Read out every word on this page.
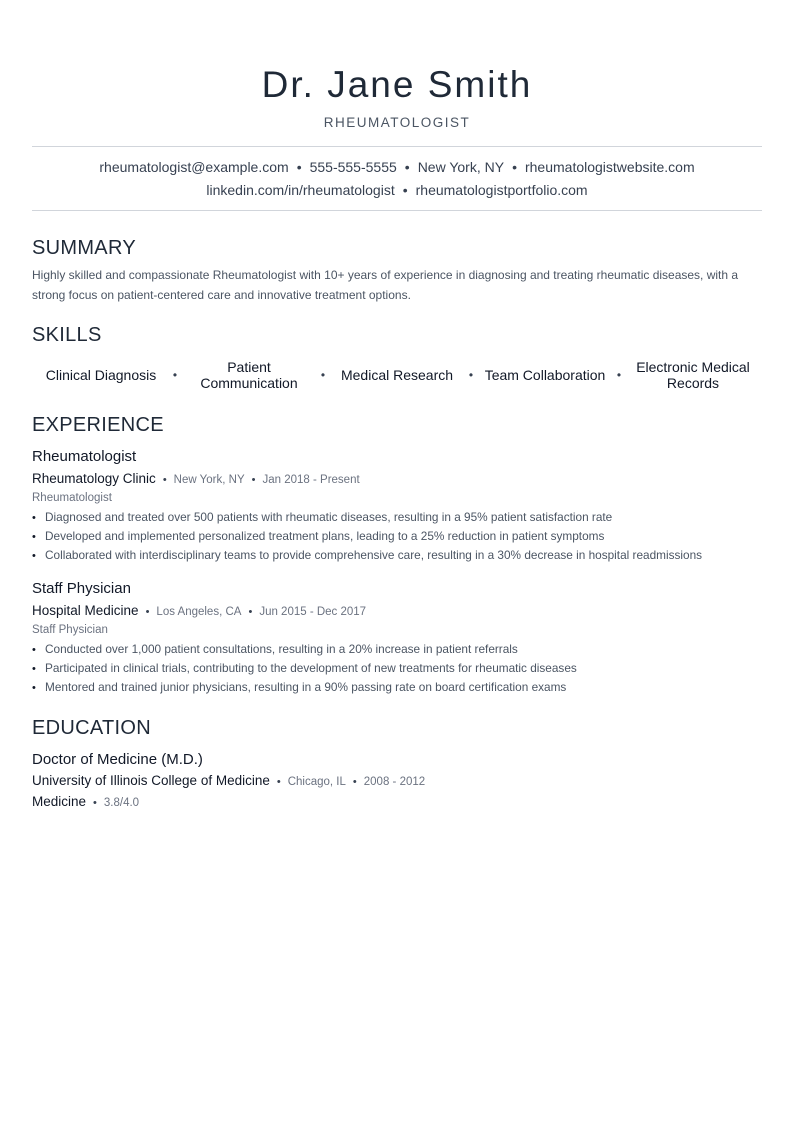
Dr. Jane Smith
RHEUMATOLOGIST
rheumatologist@example.com • 555-555-5555 • New York, NY • rheumatologistwebsite.com
linkedin.com/in/rheumatologist • rheumatologistportfolio.com
SUMMARY
Highly skilled and compassionate Rheumatologist with 10+ years of experience in diagnosing and treating rheumatic diseases, with a strong focus on patient-centered care and innovative treatment options.
SKILLS
Clinical Diagnosis	•	Patient Communication	•	Medical Research	• Team Collaboration •	Electronic Medical Records
EXPERIENCE
Rheumatologist
Rheumatology Clinic • New York, NY • Jan 2018 - Present
Rheumatologist
• Diagnosed and treated over 500 patients with rheumatic diseases, resulting in a 95% patient satisfaction rate
• Developed and implemented personalized treatment plans, leading to a 25% reduction in patient symptoms
• Collaborated with interdisciplinary teams to provide comprehensive care, resulting in a 30% decrease in hospital readmissions
Staff Physician
Hospital Medicine • Los Angeles, CA • Jun 2015 - Dec 2017
Staff Physician
• Conducted over 1,000 patient consultations, resulting in a 20% increase in patient referrals
• Participated in clinical trials, contributing to the development of new treatments for rheumatic diseases
• Mentored and trained junior physicians, resulting in a 90% passing rate on board certification exams
EDUCATION
Doctor of Medicine (M.D.)
University of Illinois College of Medicine • Chicago, IL • 2008 - 2012
Medicine • 3.8/4.0
